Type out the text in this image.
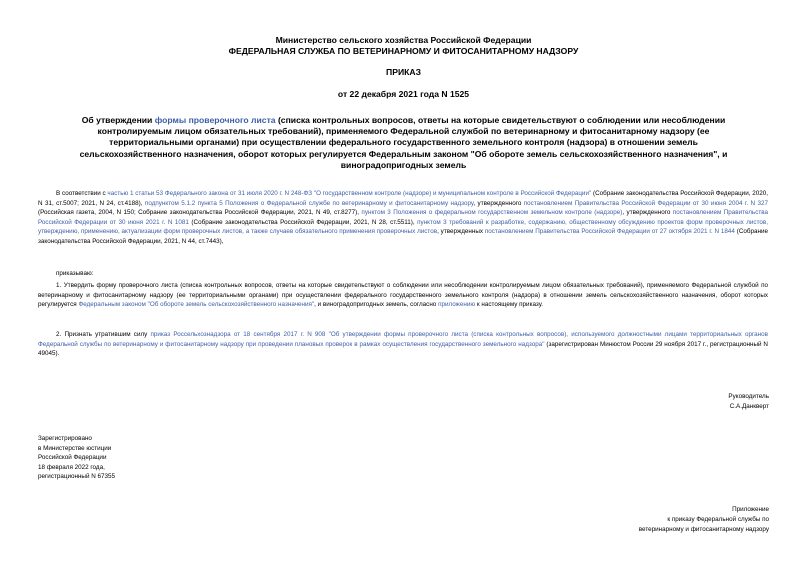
Министерство сельского хозяйства Российской Федерации
ФЕДЕРАЛЬНАЯ СЛУЖБА ПО ВЕТЕРИНАРНОМУ И ФИТОСАНИТАРНОМУ НАДЗОРУ
ПРИКАЗ
от 22 декабря 2021 года N 1525

Об утверждении формы проверочного листа (списка контрольных вопросов, ответы на которые свидетельствуют о соблюдении или несоблюдении контролируемым лицом обязательных требований), применяемого Федеральной службой по ветеринарному и фитосанитарному надзору (ее территориальными органами) при осуществлении федерального государственного земельного контроля (надзора) в отношении земель сельскохозяйственного назначения, оборот которых регулируется Федеральным законом "Об обороте земель сельскохозяйственного назначения", и виноградопригодных земель

В соответствии с частью 1 статьи 53 Федерального закона от 31 июля 2020 г. N 248-ФЗ "О государственном контроле (надзоре) и муниципальном контроле в Российской Федерации" (Собрание законодательства Российской Федерации, 2020, N 31, ст.5007; 2021, N 24, ст.4188), подпунктом 5.1.2 пункта 5 Положения о Федеральной службе по ветеринарному и фитосанитарному надзору, утвержденного постановлением Правительства Российской Федерации от 30 июня 2004 г. N 327 (Российская газета, 2004, N 150; Собрание законодательства Российской Федерации, 2021, N 49, ст.8277), пунктом 3 Положения о федеральном государственном земельном контроле (надзоре), утвержденного постановлением Правительства Российской Федерации от 30 июня 2021 г. N 1081 (Собрание законодательства Российской Федерации, 2021, N 28, ст.5511), пунктом 3 требований к разработке, содержанию, общественному обсуждению проектов форм проверочных листов, утверждению, применению, актуализации форм проверочных листов, а также случаев обязательного применения проверочных листов, утвержденных постановлением Правительства Российской Федерации от 27 октября 2021 г. N 1844 (Собрание законодательства Российской Федерации, 2021, N 44, ст.7443),

приказываю:

1. Утвердить форму проверочного листа (списка контрольных вопросов, ответы на которые свидетельствуют о соблюдении или несоблюдении контролируемым лицом обязательных требований), применяемого Федеральной службой по ветеринарному и фитосанитарному надзору (ее территориальными органами) при осуществлении федерального государственного земельного контроля (надзора) в отношении земель сельскохозяйственного назначения, оборот которых регулируется Федеральным законом "Об обороте земель сельскохозяйственного назначения", и виноградопригодных земель, согласно приложению к настоящему приказу.

2. Признать утратившим силу приказ Россельхознадзора от 18 сентября 2017 г. N 908 "Об утверждении формы проверочного листа (списка контрольных вопросов), используемого должностными лицами территориальных органов Федеральной службы по ветеринарному и фитосанитарному надзору при проведении плановых проверок в рамках осуществления государственного земельного надзора" (зарегистрирован Минюстом России 29 ноября 2017 г., регистрационный N 49045).

Руководитель
С.А.Данкверт
Зарегистрировано
в Министерстве юстиции
Российской Федерации
18 февраля 2022 года,
регистрационный N 67355
Приложение
к приказу Федеральной службы по
ветеринарному и фитосанитарному надзору
